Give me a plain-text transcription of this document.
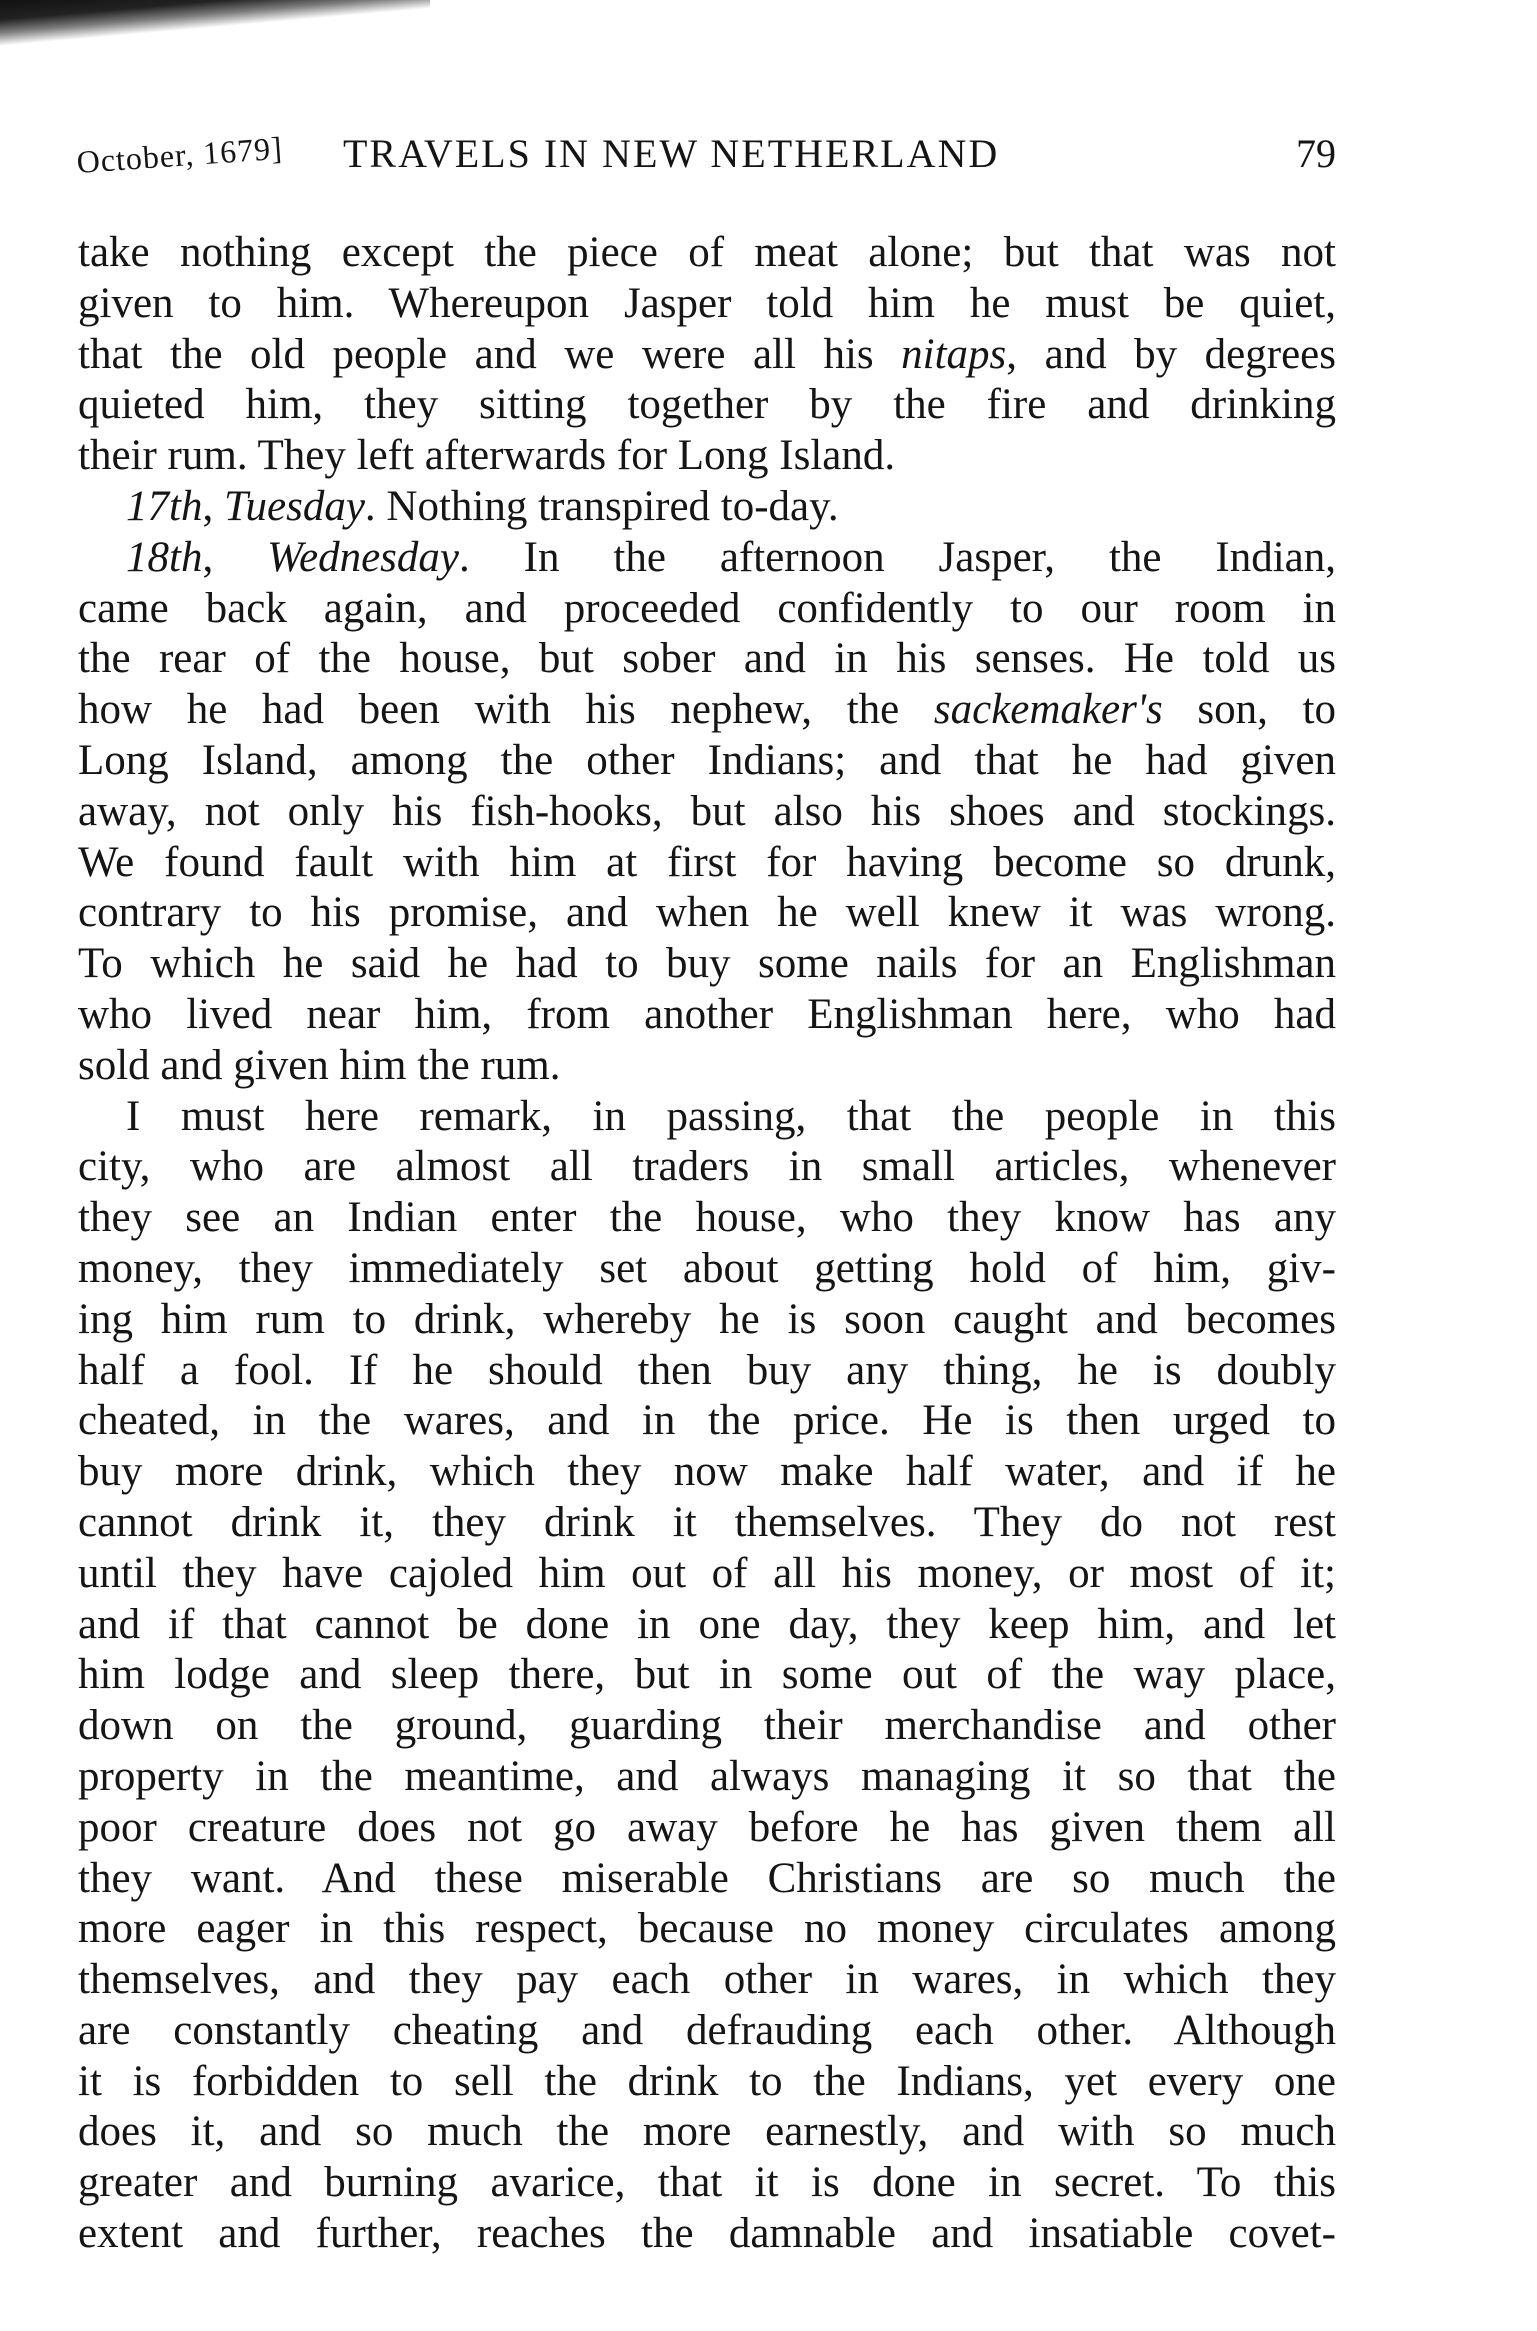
October, 1679] TRAVELS IN NEW NETHERLAND	79
take nothing except the piece of meat alone; but that was not
given to him. Whereupon Jasper told him he must be quiet,
that the old people and we were all his nitaps, and by degrees
quieted him, they sitting together by the fire and drinking
their rum. They left afterwards for Long Island.
17th, Tuesday. Nothing transpired to-day.
18th, Wednesday. In the afternoon Jasper, the Indian,
came back again, and proceeded confidently to our room in
the rear of the house, but sober and in his senses. He told us
how he had been with his nephew, the sackemaker's son, to
Long Island, among the other Indians; and that he had given
away, not only his fish-hooks, but also his shoes and stockings.
We found fault with him at first for having become so drunk,
contrary to his promise, and when he well knew it was wrong.
To which he said he had to buy some nails for an Englishman
who lived near him, from another Englishman here, who had
sold and given him the rum.
I must here remark, in passing, that the people in this
city, who are almost all traders in small articles, whenever
they see an Indian enter the house, who they know has any
money, they immediately set about getting hold of him, giv-
ing him rum to drink, whereby he is soon caught and becomes
half a fool. If he should then buy any thing, he is doubly
cheated, in the wares, and in the price. He is then urged to
buy more drink, which they now make half water, and if he
cannot drink it, they drink it themselves. They do not rest
until they have cajoled him out of all his money, or most of it;
and if that cannot be done in one day, they keep him, and let
him lodge and sleep there, but in some out of the way place,
down on the ground, guarding their merchandise and other
property in the meantime, and always managing it so that the
poor creature does not go away before he has given them all
they want. And these miserable Christians are so much the
more eager in this respect, because no money circulates among
themselves, and they pay each other in wares, in which they
are constantly cheating and defrauding each other. Although
it is forbidden to sell the drink to the Indians, yet every one
does it, and so much the more earnestly, and with so much
greater and burning avarice, that it is done in secret. To this
extent and further, reaches the damnable and insatiable covet-
